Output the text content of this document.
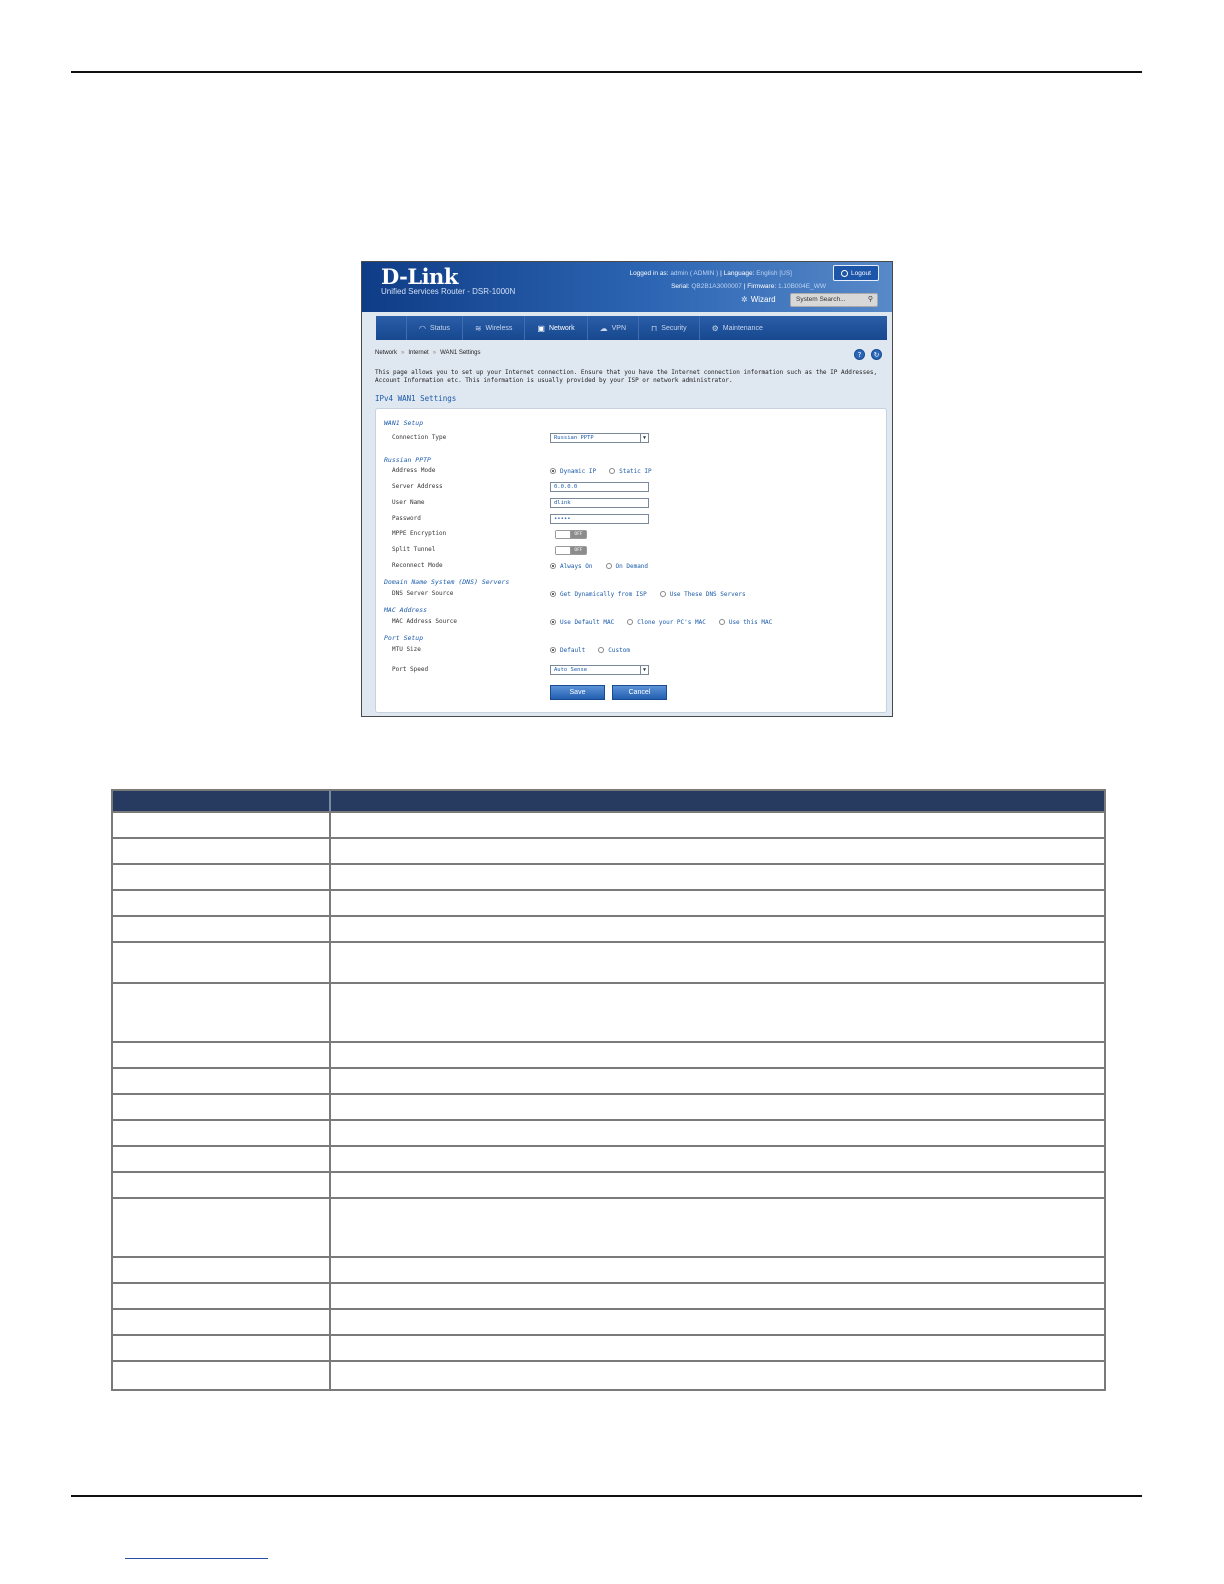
D-Link
Unified Services Router - DSR-1000N
Logged in as: admin ( ADMIN ) | Language: English [US]
Serial: QB2B1A3000007 | Firmware: 1.10B004E_WW
Logout
✲ Wizard	System Search...	⚲
◠ Status	≋ Wireless	▣ Network	☁ VPN	⊓ Security	⚙ Maintenance
Network » Internet » WAN1 Settings	?	↻
This page allows you to set up your Internet connection. Ensure that you have the Internet connection information such as the IP Addresses,
Account Information etc. This information is usually provided by your ISP or network administrator.
IPv4 WAN1 Settings
WAN1 Setup
Connection Type	Russian PPTP	▼
Russian PPTP
Address Mode	Dynamic IP	Static IP
Server Address	0.0.0.0
User Name	dlink
Password	•••••
MPPE Encryption	OFF
Split Tunnel	OFF
Reconnect Mode	Always On	On Demand
Domain Name System (DNS) Servers
DNS Server Source	Get Dynamically from ISP	Use These DNS Servers
MAC Address
MAC Address Source	Use Default MAC	Clone your PC's MAC	Use this MAC
Port Setup
MTU Size	Default	Custom
Port Speed	Auto Sense	▼
Save	Cancel
